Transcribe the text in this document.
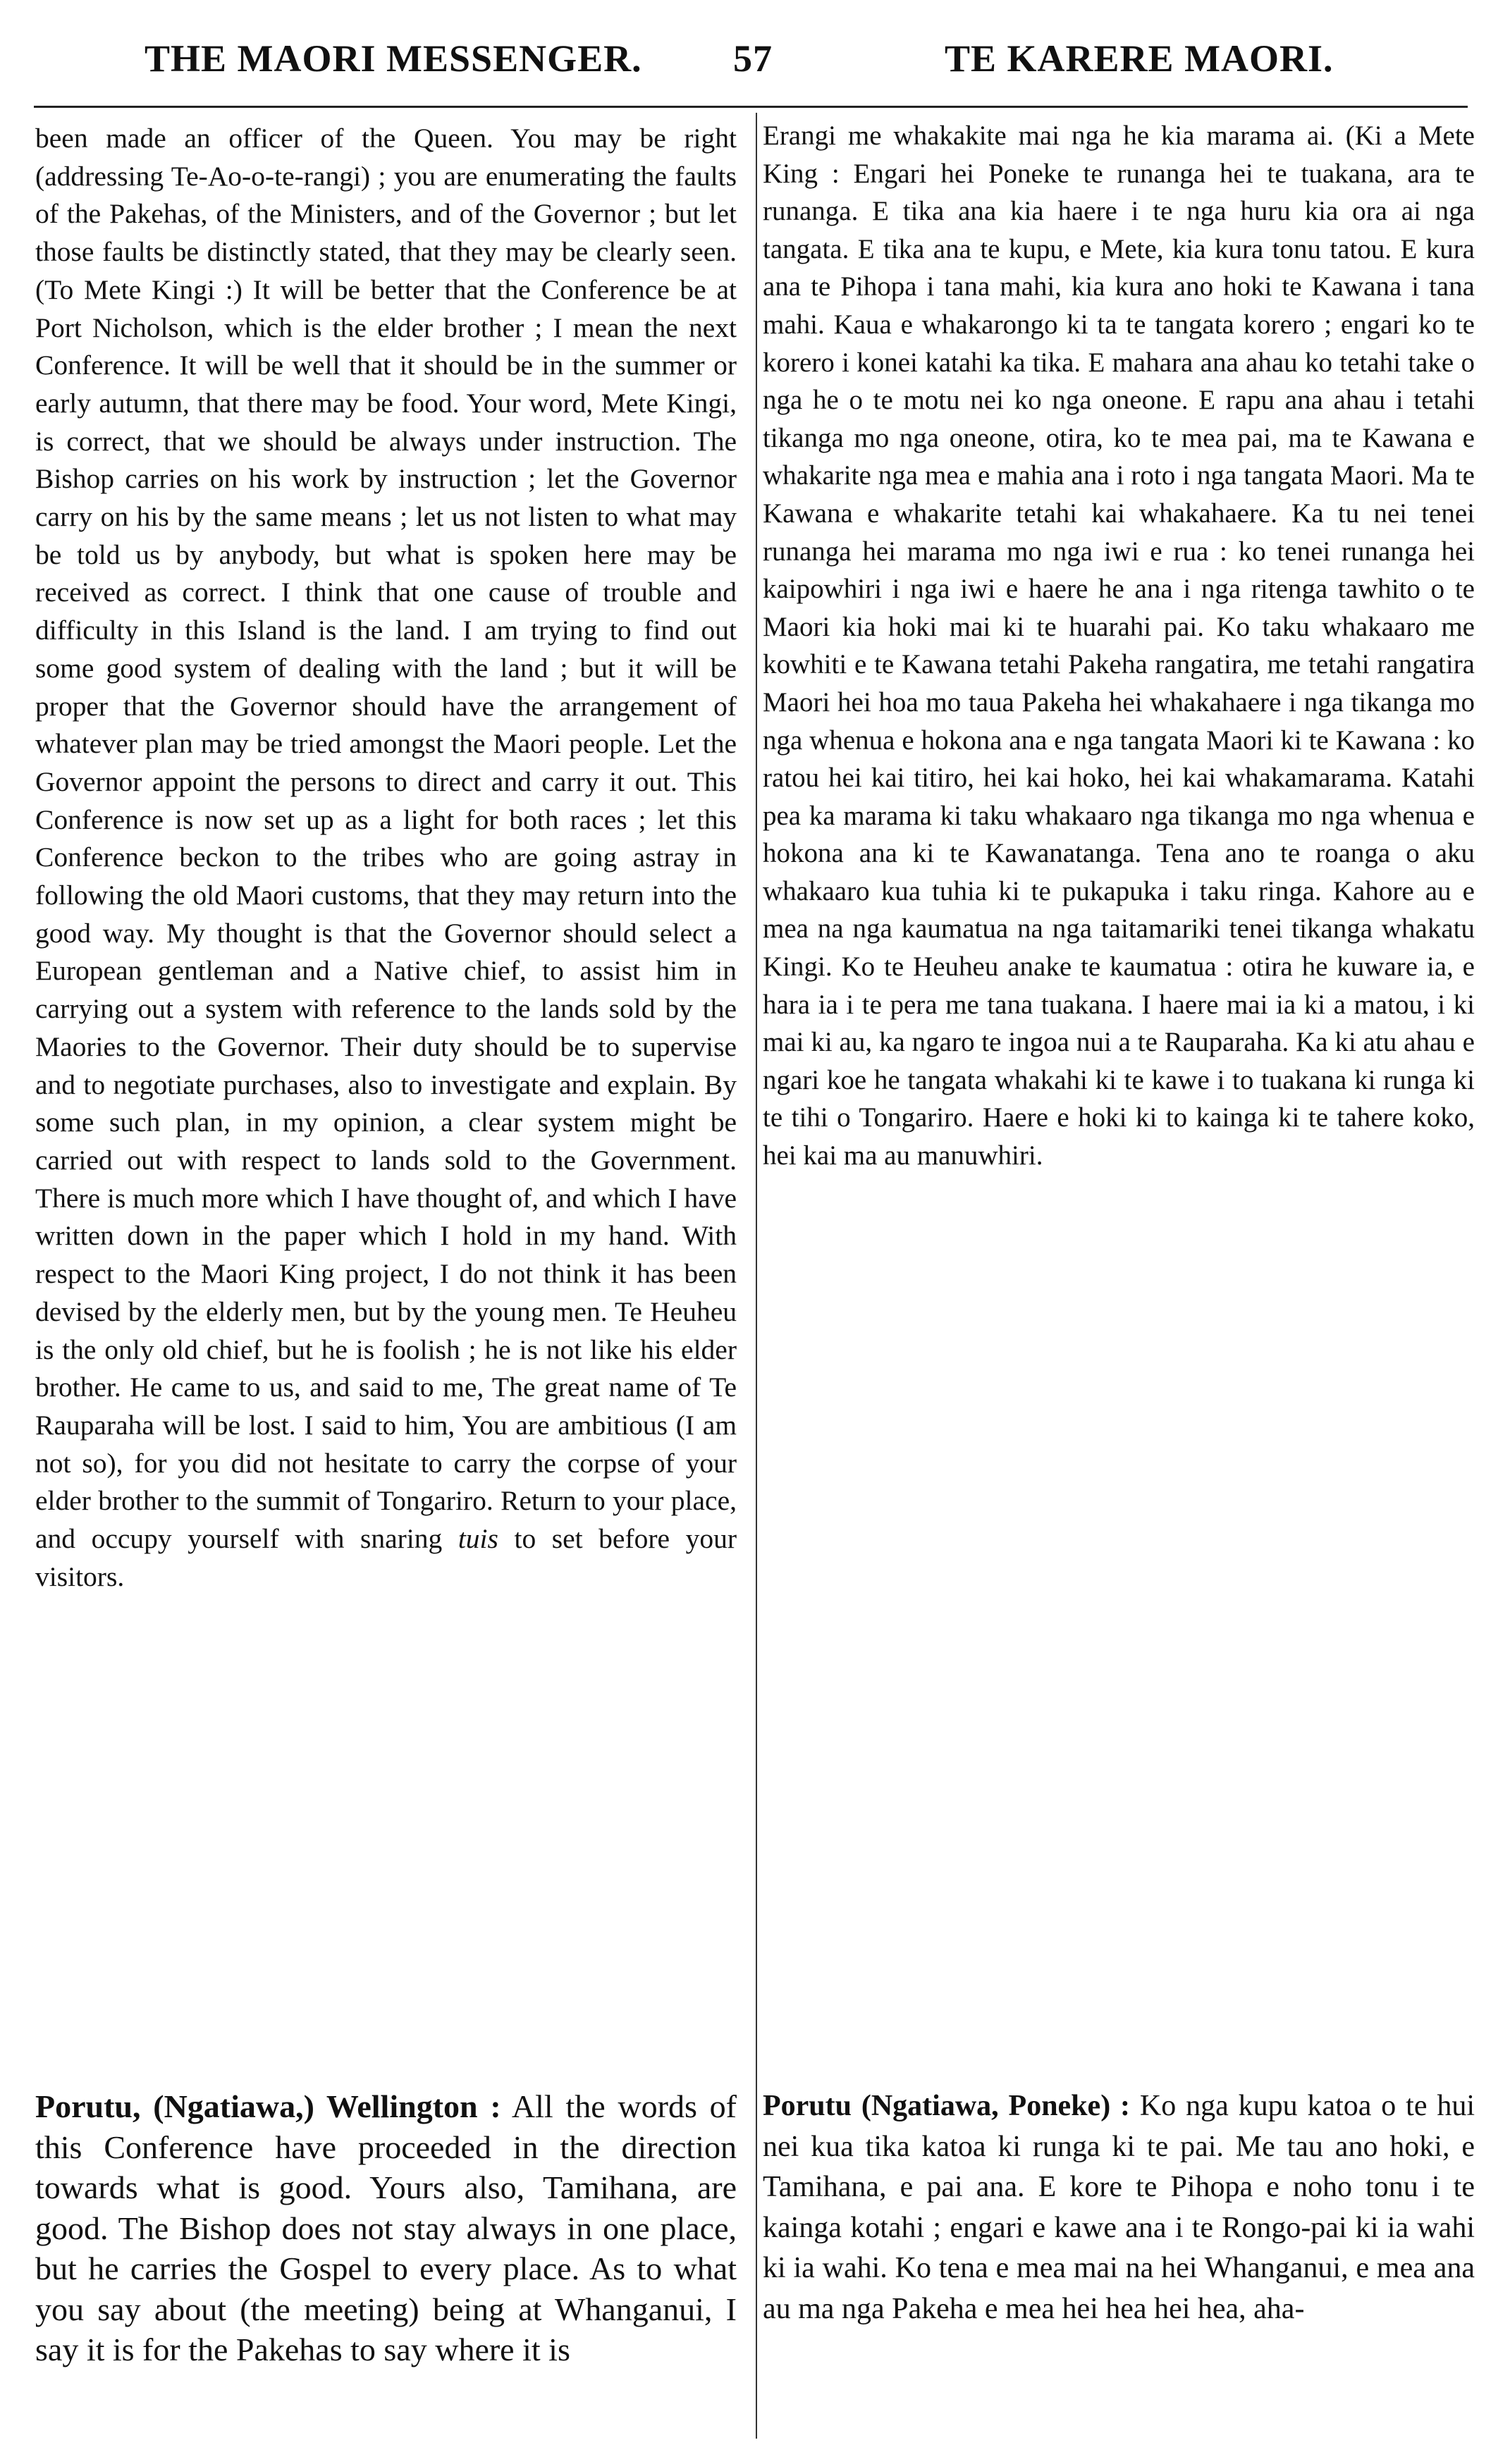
THE MAORI MESSENGER. 57	TE KARERE MAORI.

been made an officer of the Queen. You may be right (addressing Te-Ao-o-te-rangi) ; you are enumerating the faults of the Pakehas, of the Ministers, and of the Governor ; but let those faults be distinctly stated, that they may be clearly seen. (To Mete Kingi :) It will be better that the Conference be at Port Nicholson, which is the elder brother ; I mean the next Conference. It will be well that it should be in the summer or early autumn, that there may be food. Your word, Mete Kingi, is correct, that we should be always under instruction. The Bishop carries on his work by instruction ; let the Governor carry on his by the same means ; let us not listen to what may be told us by anybody, but what is spoken here may be received as correct. I think that one cause of trouble and difficulty in this Island is the land. I am trying to find out some good system of dealing with the land ; but it will be proper that the Governor should have the arrangement of whatever plan may be tried amongst the Maori people. Let the Governor appoint the persons to direct and carry it out. This Conference is now set up as a light for both races ; let this Conference beckon to the tribes who are going astray in following the old Maori customs, that they may return into the good way. My thought is that the Governor should select a European gentleman and a Native chief, to assist him in carrying out a system with reference to the lands sold by the Maories to the Governor. Their duty should be to supervise and to negotiate purchases, also to investigate and explain. By some such plan, in my opinion, a clear system might be carried out with respect to lands sold to the Government. There is much more which I have thought of, and which I have written down in the paper which I hold in my hand. With respect to the Maori King project, I do not think it has been devised by the elderly men, but by the young men. Te Heuheu is the only old chief, but he is foolish ; he is not like his elder brother. He came to us, and said to me, The great name of Te Rauparaha will be lost. I said to him, You are ambitious (I am not so), for you did not hesitate to carry the corpse of your elder brother to the summit of Tongariro. Return to your place, and occupy yourself with snaring tuis to set before your visitors.

Porutu, (Ngatiawa,) Wellington : All the words of this Conference have proceeded in the direction towards what is good. Yours also, Tamihana, are good. The Bishop does not stay always in one place, but he carries the Gospel to every place. As to what you say about (the meeting) being at Whanganui, I say it is for the Pakehas to say where it is

Erangi me whakakite mai nga he kia marama ai. (Ki a Mete King : Engari hei Poneke te runanga hei te tuakana, ara te runanga. E tika ana kia haere i te nga huru kia ora ai nga tangata. E tika ana te kupu, e Mete, kia kura tonu tatou. E kura ana te Pihopa i tana mahi, kia kura ano hoki te Kawana i tana mahi. Kaua e whakarongo ki ta te tangata korero ; engari ko te korero i konei katahi ka tika. E mahara ana ahau ko tetahi take o nga he o te motu nei ko nga oneone. E rapu ana ahau i tetahi tikanga mo nga oneone, otira, ko te mea pai, ma te Kawana e whakarite nga mea e mahia ana i roto i nga tangata Maori. Ma te Kawana e whakarite tetahi kai whakahaere. Ka tu nei tenei runanga hei marama mo nga iwi e rua : ko tenei runanga hei kaipowhiri i nga iwi e haere he ana i nga ritenga tawhito o te Maori kia hoki mai ki te huarahi pai. Ko taku whakaaro me kowhiti e te Kawana tetahi Pakeha rangatira, me tetahi rangatira Maori hei hoa mo taua Pakeha hei whakahaere i nga tikanga mo nga whenua e hokona ana e nga tangata Maori ki te Kawana : ko ratou hei kai titiro, hei kai hoko, hei kai whakamarama. Katahi pea ka marama ki taku whakaaro nga tikanga mo nga whenua e hokona ana ki te Kawanatanga. Tena ano te roanga o aku whakaaro kua tuhia ki te pukapuka i taku ringa. Kahore au e mea na nga kaumatua na nga taitamariki tenei tikanga whakatu Kingi. Ko te Heuheu anake te kaumatua : otira he kuware ia, e hara ia i te pera me tana tuakana. I haere mai ia ki a matou, i ki mai ki au, ka ngaro te ingoa nui a te Rauparaha. Ka ki atu ahau e ngari koe he tangata whakahi ki te kawe i to tuakana ki runga ki te tihi o Tongariro. Haere e hoki ki to kainga ki te tahere koko, hei kai ma au manuwhiri.

Porutu (Ngatiawa, Poneke) : Ko nga kupu katoa o te hui nei kua tika katoa ki runga ki te pai. Me tau ano hoki, e Tamihana, e pai ana. E kore te Pihopa e noho tonu i te kainga kotahi ; engari e kawe ana i te Rongo-pai ki ia wahi ki ia wahi. Ko tena e mea mai na hei Whanganui, e mea ana au ma nga Pakeha e mea hei hea hei hea, aha-
